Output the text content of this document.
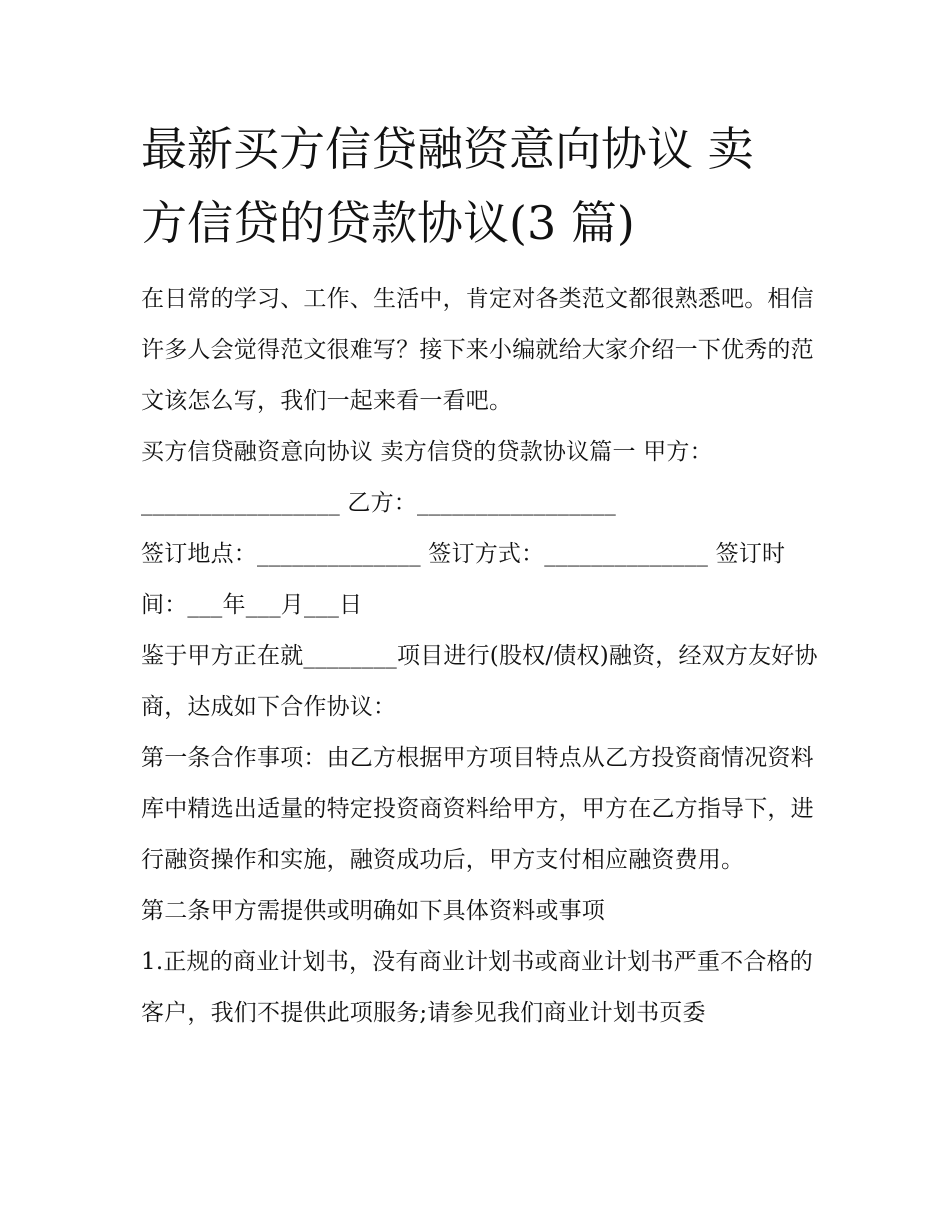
最新买方信贷融资意向协议 卖
方信贷的贷款协议(3 篇)

在日常的学习、工作、生活中，肯定对各类范文都很熟悉吧。相信许多人会觉得范文很难写？接下来小编就给大家介绍一下优秀的范文该怎么写，我们一起来看一看吧。

买方信贷融资意向协议 卖方信贷的贷款协议篇一 甲方：_________________ 乙方：_________________

签订地点：______________ 签订方式：______________ 签订时间：___年___月___日

鉴于甲方正在就________项目进行(股权/债权)融资，经双方友好协商，达成如下合作协议：

第一条合作事项：由乙方根据甲方项目特点从乙方投资商情况资料库中精选出适量的特定投资商资料给甲方，甲方在乙方指导下，进行融资操作和实施，融资成功后，甲方支付相应融资费用。

第二条甲方需提供或明确如下具体资料或事项

1.正规的商业计划书，没有商业计划书或商业计划书严重不合格的客户，我们不提供此项服务;请参见我们商业计划书页委
